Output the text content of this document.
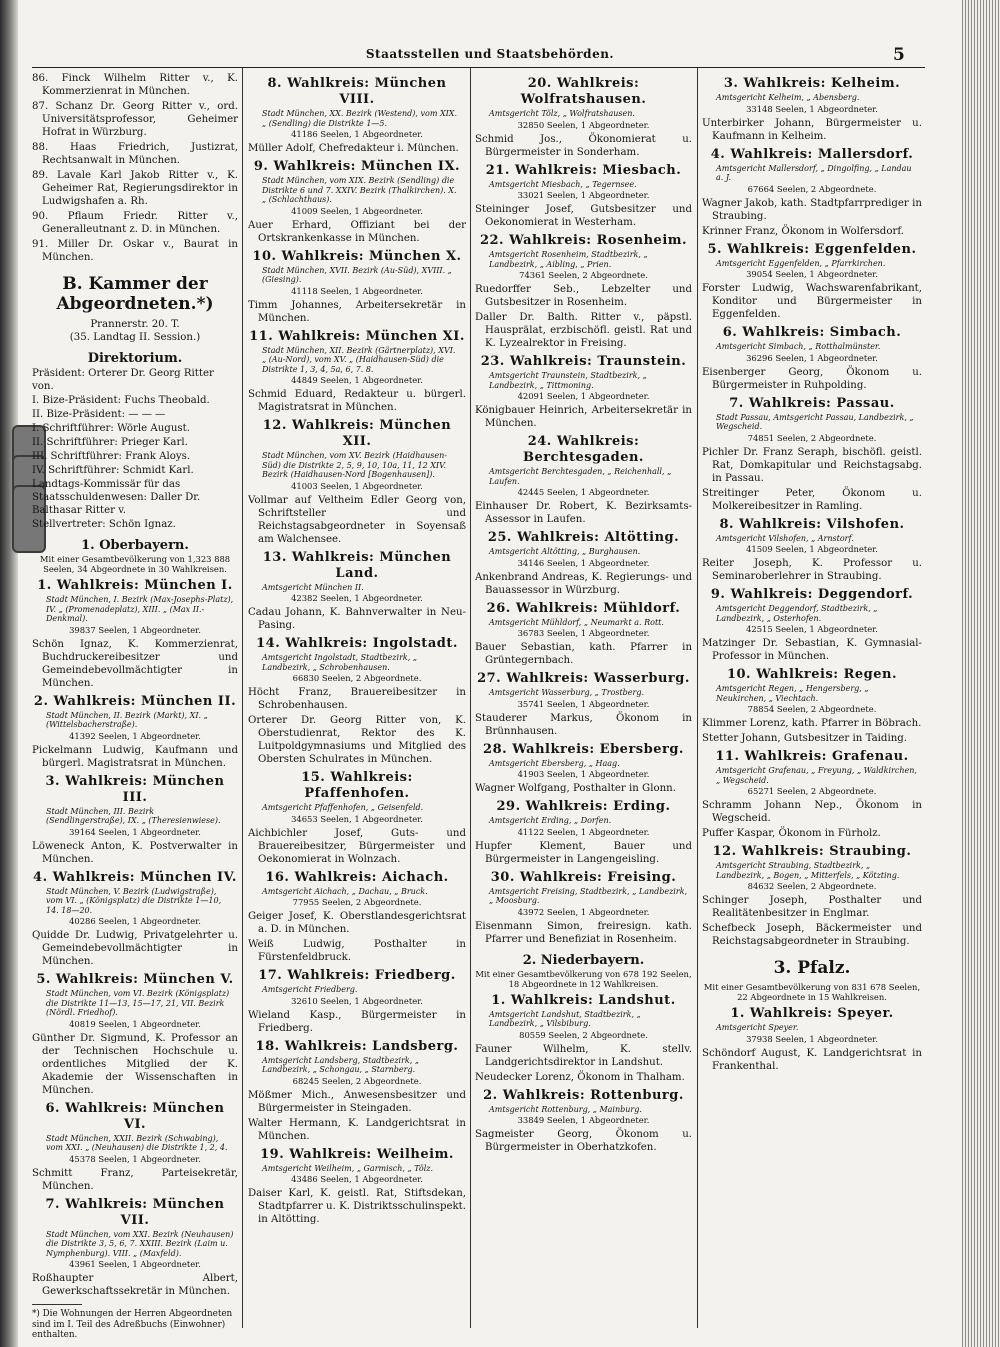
Staatsstellen und Staatsbehörden.	5
86. Finck Wilhelm Ritter v., K. Kommerzienrat in München.
87. Schanz Dr. Georg Ritter v., ord. Universitätsprofessor, Geheimer Hofrat in Würzburg.
88. Haas Friedrich, Justizrat, Rechtsanwalt in München.
89. Lavale Karl Jakob Ritter v., K. Geheimer Rat, Regierungsdirektor in Ludwigshafen a. Rh.
90. Pflaum Friedr. Ritter v., Generalleutnant z. D. in München.
91. Miller Dr. Oskar v., Baurat in München.
B. Kammer der Abgeordneten.*)
Prannerstr. 20. T.
(35. Landtag II. Session.)
Direktorium.
Präsident: Orterer Dr. Georg Ritter von.
I. Bize-Präsident: Fuchs Theobald.
II. Bize-Präsident: — — —
I. Schriftführer: Wörle August.
II. Schriftführer: Prieger Karl.
III. Schriftführer: Frank Aloys.
IV. Schriftführer: Schmidt Karl.
Landtags-Kommissär für das Staatsschuldenwesen: Daller Dr. Balthasar Ritter v.
Stellvertreter: Schön Ignaz.
1. Oberbayern.
Mit einer Gesamtbevölkerung von 1,323 888 Seelen, 34 Abgeordnete in 30 Wahlkreisen.
1. Wahlkreis: München I.
Stadt München, I. Bezirk (Max-Josephs-Platz), IV. „ (Promenadeplatz), XIII. „ (Max II.-Denkmal).
39837 Seelen, 1 Abgeordneter.
Schön Ignaz, K. Kommerzienrat, Buchdruckereibesitzer und Gemeindebevollmächtigter in München.
2. Wahlkreis: München II.
Stadt München, II. Bezirk (Markt), XI. „ (Wittelsbacherstraße).
41392 Seelen, 1 Abgeordneter.
Pickelmann Ludwig, Kaufmann und bürgerl. Magistratsrat in München.
3. Wahlkreis: München III.
Stadt München, III. Bezirk (Sendlingerstraße), IX. „ (Theresienwiese).
39164 Seelen, 1 Abgeordneter.
Löweneck Anton, K. Postverwalter in München.
4. Wahlkreis: München IV.
Stadt München, V. Bezirk (Ludwigstraße), vom VI. „ (Königsplatz) die Distrikte 1—10, 14. 18—20.
40286 Seelen, 1 Abgeordneter.
Quidde Dr. Ludwig, Privatgelehrter u. Gemeindebevollmächtigter in München.
5. Wahlkreis: München V.
Stadt München, vom VI. Bezirk (Königsplatz) die Distrikte 11—13, 15—17, 21, VII. Bezirk (Nördl. Friedhof).
40819 Seelen, 1 Abgeordneter.
Günther Dr. Sigmund, K. Professor an der Technischen Hochschule u. ordentliches Mitglied der K. Akademie der Wissenschaften in München.
6. Wahlkreis: München VI.
Stadt München, XXII. Bezirk (Schwabing), vom XXI. „ (Neuhausen) die Distrikte 1, 2, 4.
45378 Seelen, 1 Abgeordneter.
Schmitt Franz, Parteisekretär, München.
7. Wahlkreis: München VII.
Stadt München, vom XXI. Bezirk (Neuhausen) die Distrikte 3, 5, 6, 7. XXIII. Bezirk (Laim u. Nymphenburg). VIII. „ (Maxfeld).
43961 Seelen, 1 Abgeordneter.
Roßhaupter Albert, Gewerkschaftssekretär in München.
*) Die Wohnungen der Herren Abgeordneten sind im I. Teil des Adreßbuchs (Einwohner) enthalten.
8. Wahlkreis: München VIII.
Stadt München, XX. Bezirk (Westend), vom XIX. „ (Sendling) die Distrikte 1—5.
41186 Seelen, 1 Abgeordneter.
Müller Adolf, Chefredakteur i. München.
9. Wahlkreis: München IX.
Stadt München, vom XIX. Bezirk (Sendling) die Distrikte 6 und 7. XXIV. Bezirk (Thalkirchen). X. „ (Schlachthaus).
41009 Seelen, 1 Abgeordneter.
Auer Erhard, Offiziant bei der Ortskrankenkasse in München.
10. Wahlkreis: München X.
Stadt München, XVII. Bezirk (Au-Süd), XVIII. „ (Giesing).
41118 Seelen, 1 Abgeordneter.
Timm Johannes, Arbeitersekretär in München.
11. Wahlkreis: München XI.
Stadt München, XII. Bezirk (Gärtnerplatz), XVI. „ (Au-Nord), vom XV. „ (Haidhausen-Süd) die Distrikte 1, 3, 4, 5a, 6, 7. 8.
44849 Seelen, 1 Abgeordneter.
Schmid Eduard, Redakteur u. bürgerl. Magistratsrat in München.
12. Wahlkreis: München XII.
Stadt München, vom XV. Bezirk (Haidhausen-Süd) die Distrikte 2, 5, 9, 10, 10a, 11, 12 XIV. Bezirk (Haidhausen-Nord [Bogenhausen]).
41003 Seelen, 1 Abgeordneter.
Vollmar auf Veltheim Edler Georg von, Schriftsteller und Reichstagsabgeordneter in Soyensaß am Walchensee.
13. Wahlkreis: München Land.
Amtsgericht München II.
42382 Seelen, 1 Abgeordneter.
Cadau Johann, K. Bahnverwalter in Neu-Pasing.
14. Wahlkreis: Ingolstadt.
Amtsgericht Ingolstadt, Stadtbezirk, „ Landbezirk, „ Schrobenhausen.
66830 Seelen, 2 Abgeordnete.
Höcht Franz, Brauereibesitzer in Schrobenhausen.
Orterer Dr. Georg Ritter von, K. Oberstudienrat, Rektor des K. Luitpoldgymnasiums und Mitglied des Obersten Schulrates in München.
15. Wahlkreis: Pfaffenhofen.
Amtsgericht Pfaffenhofen, „ Geisenfeld.
34653 Seelen, 1 Abgeordneter.
Aichbichler Josef, Guts- und Brauereibesitzer, Bürgermeister und Oekonomierat in Wolnzach.
16. Wahlkreis: Aichach.
Amtsgericht Aichach, „ Dachau, „ Bruck.
77955 Seelen, 2 Abgeordnete.
Geiger Josef, K. Oberstlandesgerichtsrat a. D. in München.
Weiß Ludwig, Posthalter in Fürstenfeldbruck.
17. Wahlkreis: Friedberg.
Amtsgericht Friedberg.
32610 Seelen, 1 Abgeordneter.
Wieland Kasp., Bürgermeister in Friedberg.
18. Wahlkreis: Landsberg.
Amtsgericht Landsberg, Stadtbezirk, „ Landbezirk, „ Schongau, „ Starnberg.
68245 Seelen, 2 Abgeordnete.
Mößmer Mich., Anwesensbesitzer und Bürgermeister in Steingaden.
Walter Hermann, K. Landgerichtsrat in München.
19. Wahlkreis: Weilheim.
Amtsgericht Weilheim, „ Garmisch, „ Tölz.
43486 Seelen, 1 Abgeordneter.
Daiser Karl, K. geistl. Rat, Stiftsdekan, Stadtpfarrer u. K. Distriktsschulinspekt. in Altötting.
20. Wahlkreis: Wolfratshausen.
Amtsgericht Tölz, „ Wolfratshausen.
32850 Seelen, 1 Abgeordneter.
Schmid Jos., Ökonomierat u. Bürgermeister in Sonderham.
21. Wahlkreis: Miesbach.
Amtsgericht Miesbach, „ Tegernsee.
33021 Seelen, 1 Abgeordneter.
Steininger Josef, Gutsbesitzer und Oekonomierat in Westerham.
22. Wahlkreis: Rosenheim.
Amtsgericht Rosenheim, Stadtbezirk, „ Landbezirk, „ Aibling, „ Prien.
74361 Seelen, 2 Abgeordnete.
Ruedorffer Seb., Lebzelter und Gutsbesitzer in Rosenheim.
Daller Dr. Balth. Ritter v., päpstl. Hausprälat, erzbischöfl. geistl. Rat und K. Lyzealrektor in Freising.
23. Wahlkreis: Traunstein.
Amtsgericht Traunstein, Stadtbezirk, „ Landbezirk, „ Tittmoning.
42091 Seelen, 1 Abgeordneter.
Königbauer Heinrich, Arbeitersekretär in München.
24. Wahlkreis: Berchtesgaden.
Amtsgericht Berchtesgaden, „ Reichenhall, „ Laufen.
42445 Seelen, 1 Abgeordneter.
Einhauser Dr. Robert, K. Bezirksamts-Assessor in Laufen.
25. Wahlkreis: Altötting.
Amtsgericht Altötting, „ Burghausen.
34146 Seelen, 1 Abgeordneter.
Ankenbrand Andreas, K. Regierungs- und Bauassessor in Würzburg.
26. Wahlkreis: Mühldorf.
Amtsgericht Mühldorf, „ Neumarkt a. Rott.
36783 Seelen, 1 Abgeordneter.
Bauer Sebastian, kath. Pfarrer in Grüntegernbach.
27. Wahlkreis: Wasserburg.
Amtsgericht Wasserburg, „ Trostberg.
35741 Seelen, 1 Abgeordneter.
Stauderer Markus, Ökonom in Brünnhausen.
28. Wahlkreis: Ebersberg.
Amtsgericht Ebersberg, „ Haag.
41903 Seelen, 1 Abgeordneter.
Wagner Wolfgang, Posthalter in Glonn.
29. Wahlkreis: Erding.
Amtsgericht Erding, „ Dorfen.
41122 Seelen, 1 Abgeordneter.
Hupfer Klement, Bauer und Bürgermeister in Langengeisling.
30. Wahlkreis: Freising.
Amtsgericht Freising, Stadtbezirk, „ Landbezirk, „ Moosburg.
43972 Seelen, 1 Abgeordneter.
Eisenmann Simon, freiresign. kath. Pfarrer und Benefiziat in Rosenheim.
2. Niederbayern.
Mit einer Gesamtbevölkerung von 678 192 Seelen, 18 Abgeordnete in 12 Wahlkreisen.
1. Wahlkreis: Landshut.
Amtsgericht Landshut, Stadtbezirk, „ Landbezirk, „ Vilsbiburg.
80559 Seelen, 2 Abgeordnete.
Fauner Wilhelm, K. stellv. Landgerichtsdirektor in Landshut.
Neudecker Lorenz, Ökonom in Thalham.
2. Wahlkreis: Rottenburg.
Amtsgericht Rottenburg, „ Mainburg.
33849 Seelen, 1 Abgeordneter.
Sagmeister Georg, Ökonom u. Bürgermeister in Oberhatzkofen.
3. Wahlkreis: Kelheim.
Amtsgericht Kelheim, „ Abensberg.
33148 Seelen, 1 Abgeordneter.
Unterbirker Johann, Bürgermeister u. Kaufmann in Kelheim.
4. Wahlkreis: Mallersdorf.
Amtsgericht Mallersdorf, „ Dingolfing, „ Landau a. J.
67664 Seelen, 2 Abgeordnete.
Wagner Jakob, kath. Stadtpfarrprediger in Straubing.
Krinner Franz, Ökonom in Wolfersdorf.
5. Wahlkreis: Eggenfelden.
Amtsgericht Eggenfelden, „ Pfarrkirchen.
39054 Seelen, 1 Abgeordneter.
Forster Ludwig, Wachswarenfabrikant, Konditor und Bürgermeister in Eggenfelden.
6. Wahlkreis: Simbach.
Amtsgericht Simbach, „ Rotthalmünster.
36296 Seelen, 1 Abgeordneter.
Eisenberger Georg, Ökonom u. Bürgermeister in Ruhpolding.
7. Wahlkreis: Passau.
Stadt Passau, Amtsgericht Passau, Landbezirk, „ Wegscheid.
74851 Seelen, 2 Abgeordnete.
Pichler Dr. Franz Seraph, bischöfl. geistl. Rat, Domkapitular und Reichstagsabg. in Passau.
Streitinger Peter, Ökonom u. Molkereibesitzer in Ramling.
8. Wahlkreis: Vilshofen.
Amtsgericht Vilshofen, „ Arnstorf.
41509 Seelen, 1 Abgeordneter.
Reiter Joseph, K. Professor u. Seminaroberlehrer in Straubing.
9. Wahlkreis: Deggendorf.
Amtsgericht Deggendorf, Stadtbezirk, „ Landbezirk, „ Osterhofen.
42515 Seelen, 1 Abgeordneter.
Matzinger Dr. Sebastian, K. Gymnasial-Professor in München.
10. Wahlkreis: Regen.
Amtsgericht Regen, „ Hengersberg, „ Neukirchen, „ Viechtach.
78854 Seelen, 2 Abgeordnete.
Klimmer Lorenz, kath. Pfarrer in Böbrach.
Stetter Johann, Gutsbesitzer in Taiding.
11. Wahlkreis: Grafenau.
Amtsgericht Grafenau, „ Freyung, „ Waldkirchen, „ Wegscheid.
65271 Seelen, 2 Abgeordnete.
Schramm Johann Nep., Ökonom in Wegscheid.
Puffer Kaspar, Ökonom in Fürholz.
12. Wahlkreis: Straubing.
Amtsgericht Straubing, Stadtbezirk, „ Landbezirk, „ Bogen, „ Mitterfels, „ Kötzting.
84632 Seelen, 2 Abgeordnete.
Schinger Joseph, Posthalter und Realitätenbesitzer in Englmar.
Schefbeck Joseph, Bäckermeister und Reichstagsabgeordneter in Straubing.
3. Pfalz.
Mit einer Gesamtbevölkerung von 831 678 Seelen, 22 Abgeordnete in 15 Wahlkreisen.
1. Wahlkreis: Speyer.
Amtsgericht Speyer.
37938 Seelen, 1 Abgeordneter.
Schöndorf August, K. Landgerichtsrat in Frankenthal.
